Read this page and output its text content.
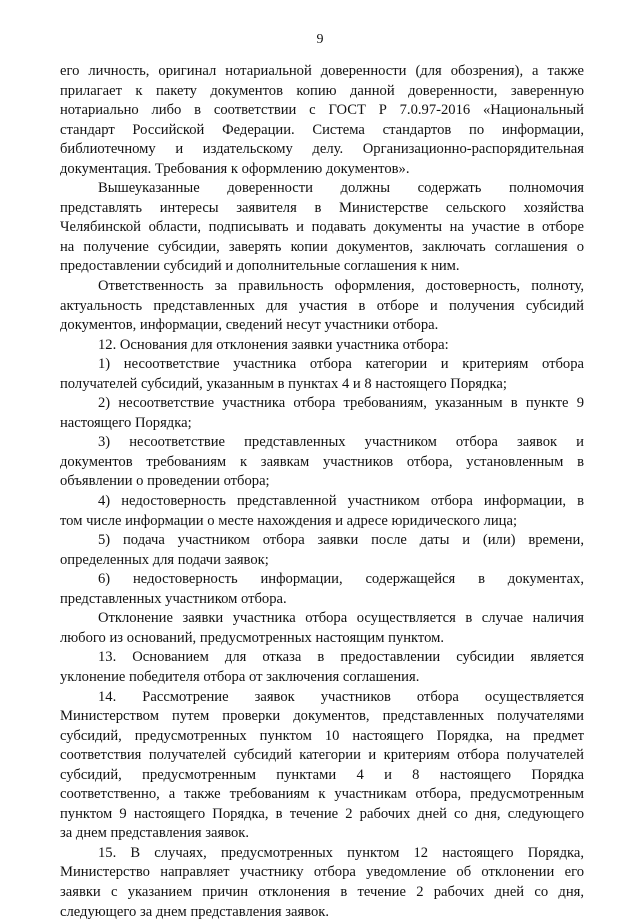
9

его личность, оригинал нотариальной доверенности (для обозрения), а также
прилагает к пакету документов копию данной доверенности, заверенную
нотариально либо в соответствии с ГОСТ Р 7.0.97-2016 «Национальный
стандарт Российской Федерации. Система стандартов по информации,
библиотечному и издательскому делу. Организационно-распорядительная
документация. Требования к оформлению документов».

Вышеуказанные доверенности должны содержать полномочия
представлять интересы заявителя в Министерстве сельского хозяйства
Челябинской области, подписывать и подавать документы на участие в отборе
на получение субсидии, заверять копии документов, заключать соглашения о
предоставлении субсидий и дополнительные соглашения к ним.

Ответственность за правильность оформления, достоверность, полноту,
актуальность представленных для участия в отборе и получения субсидий
документов, информации, сведений несут участники отбора.

12. Основания для отклонения заявки участника отбора:

1) несоответствие участника отбора категории и критериям отбора
получателей субсидий, указанным в пунктах 4 и 8 настоящего Порядка;

2) несоответствие участника отбора требованиям, указанным в пункте 9
настоящего Порядка;

3) несоответствие представленных участником отбора заявок и
документов требованиям к заявкам участников отбора, установленным в
объявлении о проведении отбора;

4) недостоверность представленной участником отбора информации, в
том числе информации о месте нахождения и адресе юридического лица;

5) подача участником отбора заявки после даты и (или) времени,
определенных для подачи заявок;

6) недостоверность информации, содержащейся в документах,
представленных участником отбора.

Отклонение заявки участника отбора осуществляется в случае наличия
любого из оснований, предусмотренных настоящим пунктом.

13. Основанием для отказа в предоставлении субсидии является
уклонение победителя отбора от заключения соглашения.

14. Рассмотрение заявок участников отбора осуществляется
Министерством путем проверки документов, представленных получателями
субсидий, предусмотренных пунктом 10 настоящего Порядка, на предмет
соответствия получателей субсидий категории и критериям отбора получателей
субсидий, предусмотренным пунктами 4 и 8 настоящего Порядка
соответственно, а также требованиям к участникам отбора, предусмотренным
пунктом 9 настоящего Порядка, в течение 2 рабочих дней со дня, следующего
за днем представления заявок.

15. В случаях, предусмотренных пунктом 12 настоящего Порядка,
Министерство направляет участнику отбора уведомление об отклонении его
заявки с указанием причин отклонения в течение 2 рабочих дней со дня,
следующего за днем представления заявок.
